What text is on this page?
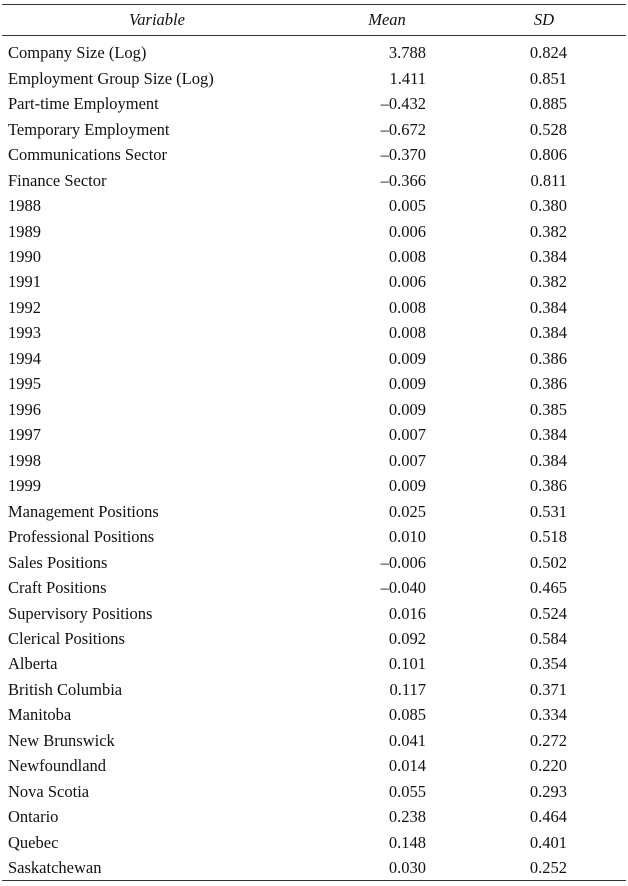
Variable	Mean	SD
Company Size (Log)	3.788	0.824
Employment Group Size (Log)	1.411	0.851
Part-time Employment	–0.432	0.885
Temporary Employment	–0.672	0.528
Communications Sector	–0.370	0.806
Finance Sector	–0.366	0.811
1988	0.005	0.380
1989	0.006	0.382
1990	0.008	0.384
1991	0.006	0.382
1992	0.008	0.384
1993	0.008	0.384
1994	0.009	0.386
1995	0.009	0.386
1996	0.009	0.385
1997	0.007	0.384
1998	0.007	0.384
1999	0.009	0.386
Management Positions	0.025	0.531
Professional Positions	0.010	0.518
Sales Positions	–0.006	0.502
Craft Positions	–0.040	0.465
Supervisory Positions	0.016	0.524
Clerical Positions	0.092	0.584
Alberta	0.101	0.354
British Columbia	0.117	0.371
Manitoba	0.085	0.334
New Brunswick	0.041	0.272
Newfoundland	0.014	0.220
Nova Scotia	0.055	0.293
Ontario	0.238	0.464
Quebec	0.148	0.401
Saskatchewan	0.030	0.252
